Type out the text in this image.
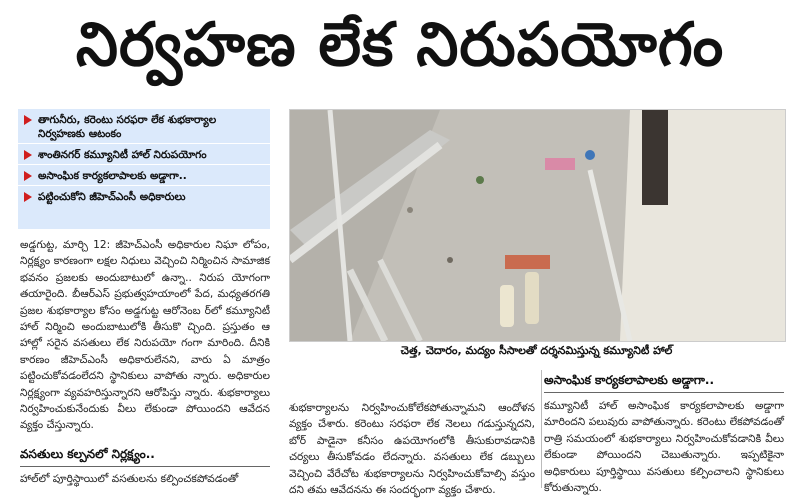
నిర్వహణ లేక నిరుపయోగం
తాగునీరు, కరెంటు సరఫరా లేక శుభకార్యాల నిర్వహణకు ఆటంకం
శాంతినగర్ కమ్యూనిటీ హాల్ నిరుపయోగం
అసాంఘిక కార్యకలాపాలకు అడ్డాగా..
పట్టించుకోని జీహెచ్ఎంసీ అధికారులు
అడ్డగుట్ట, మార్చి 12: జీహెచ్ఎంసీ అధికారుల నిఘా లోపం, నిర్లక్ష్యం కారణంగా లక్షల నిధులు వెచ్చించి నిర్మించిన సామాజిక భవనం ప్రజలకు అందుబాటులో ఉన్నా.. నిరుప యోగంగా తయారైంది. బీఆర్ఎస్ ప్రభుత్వహయాంలో పేద, మధ్యతరగతి ప్రజల శుభకార్యాల కోసం అడ్డగుట్ట ఆరోనెంబ ర్‌లో కమ్యూనిటీ హాల్ నిర్మించి అందుబాటులోకి తీసుకొ చ్చింది. ప్రస్తుతం ఆ హాల్లో సరైన వసతులు లేక నిరుపయో గంగా మారింది. దీనికి కారణం జీహెచ్ఎంసీ అధికారులేనని, వారు ఏ మాత్రం పట్టించుకోవడంలేదని స్థానికులు వాపోతు న్నారు. అధికారుల నిర్లక్ష్యంగా వ్యవహరిస్తున్నారని ఆరోపిస్తు న్నారు. శుభకార్యాలు నిర్వహించుకునేందుకు వీలు లేకుండా పోయిందని ఆవేదన వ్యక్తం చేస్తున్నారు.
వసతులు కల్పనలో నిర్లక్ష్యం..
హాల్‌లో పూర్తిస్థాయిలో వసతులను కల్పించకపోవడంతో
చెత్త, చెదారం, మద్యం సీసాలతో దర్శనమిస్తున్న కమ్యూనిటీ హాల్
శుభకార్యాలను నిర్వహించుకోలేకపోతున్నామని ఆందోళన వ్యక్తం చేశారు. కరెంటు సరఫరా లేక నెలలు గడుస్తున్నదని, బోర్ పాడైనా కనీసం ఉపయోగంలోకి తీసుకురావడానికి చర్యలు తీసుకోవడం లేదన్నారు. వసతులు లేక డబ్బులు వెచ్చించి వేరేచోట శుభకార్యాలను నిర్వహించుకోవాల్సి వస్తుం దని తమ ఆవేదనను ఈ సందర్భంగా వ్యక్తం చేశారు.
అసాంఘిక కార్యకలాపాలకు అడ్డాగా..
కమ్యూనిటీ హాల్ అసాంఘిక కార్యకలాపాలకు అడ్డాగా మారిందని పలువురు వాపోతున్నారు. కరెంటు లేకపోవడంతో రాత్రి సమయంలో శుభకార్యాలు నిర్వహించుకోవడానికి వీలు లేకుండా పోయిందని చెబుతున్నారు. ఇప్పటికైనా అధికారులు పూర్తిస్థాయి వసతులు కల్పించాలని స్థానికులు కోరుతున్నారు.
